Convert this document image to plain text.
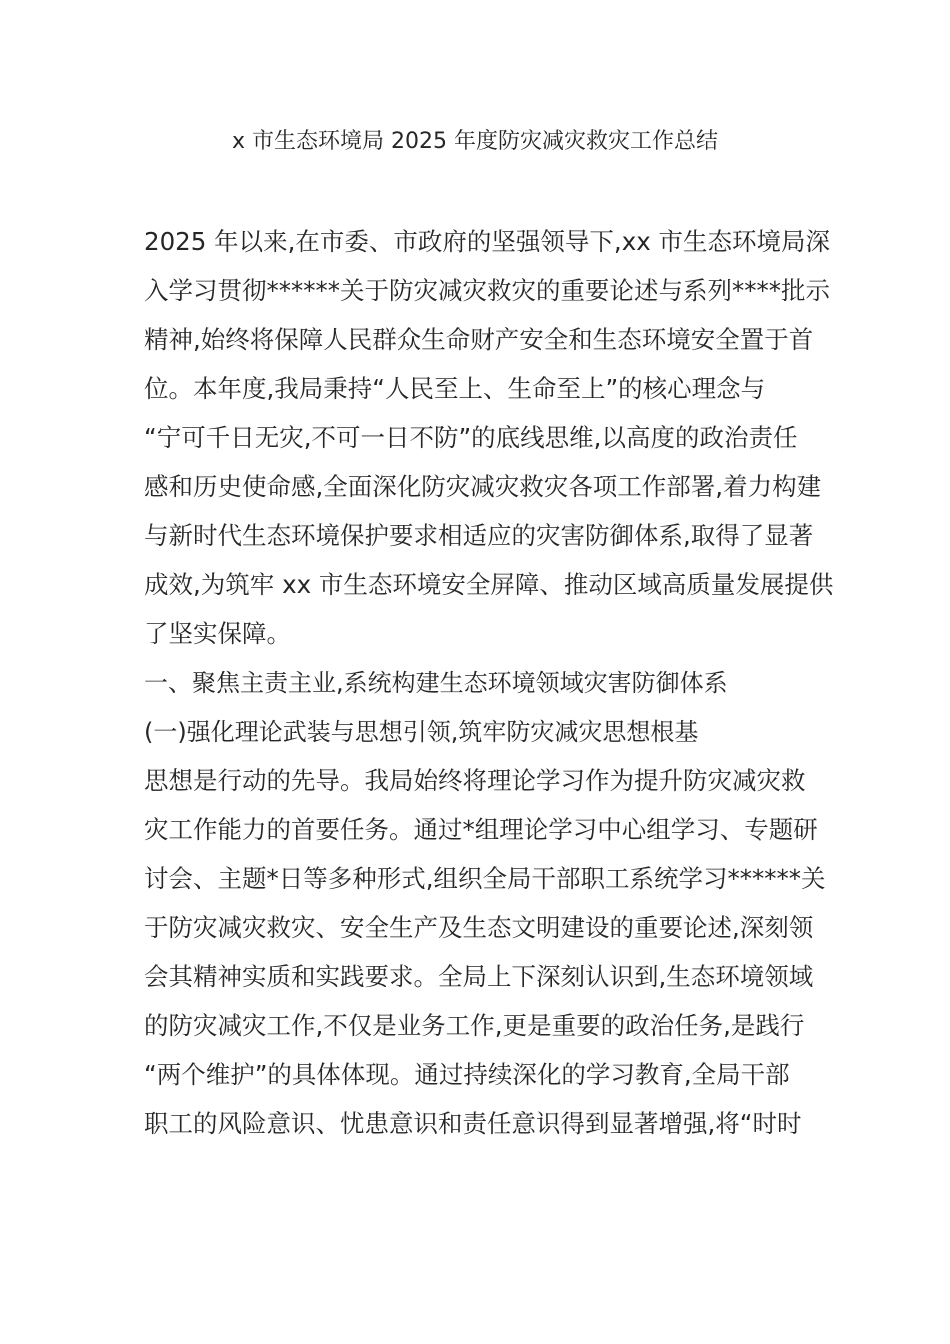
x 市生态环境局 2025 年度防灾减灾救灾工作总结
2025 年以来,在市委、市政府的坚强领导下,xx 市生态环境局深
入学习贯彻******关于防灾减灾救灾的重要论述与系列****批示
精神,始终将保障人民群众生命财产安全和生态环境安全置于首
位。本年度,我局秉持“人民至上、生命至上”的核心理念与
“宁可千日无灾,不可一日不防”的底线思维,以高度的政治责任
感和历史使命感,全面深化防灾减灾救灾各项工作部署,着力构建
与新时代生态环境保护要求相适应的灾害防御体系,取得了显著
成效,为筑牢 xx 市生态环境安全屏障、推动区域高质量发展提供
了坚实保障。
一、聚焦主责主业,系统构建生态环境领域灾害防御体系
(一)强化理论武装与思想引领,筑牢防灾减灾思想根基
思想是行动的先导。我局始终将理论学习作为提升防灾减灾救
灾工作能力的首要任务。通过*组理论学习中心组学习、专题研
讨会、主题*日等多种形式,组织全局干部职工系统学习******关
于防灾减灾救灾、安全生产及生态文明建设的重要论述,深刻领
会其精神实质和实践要求。全局上下深刻认识到,生态环境领域
的防灾减灾工作,不仅是业务工作,更是重要的政治任务,是践行
“两个维护”的具体体现。通过持续深化的学习教育,全局干部
职工的风险意识、忧患意识和责任意识得到显著增强,将“时时
